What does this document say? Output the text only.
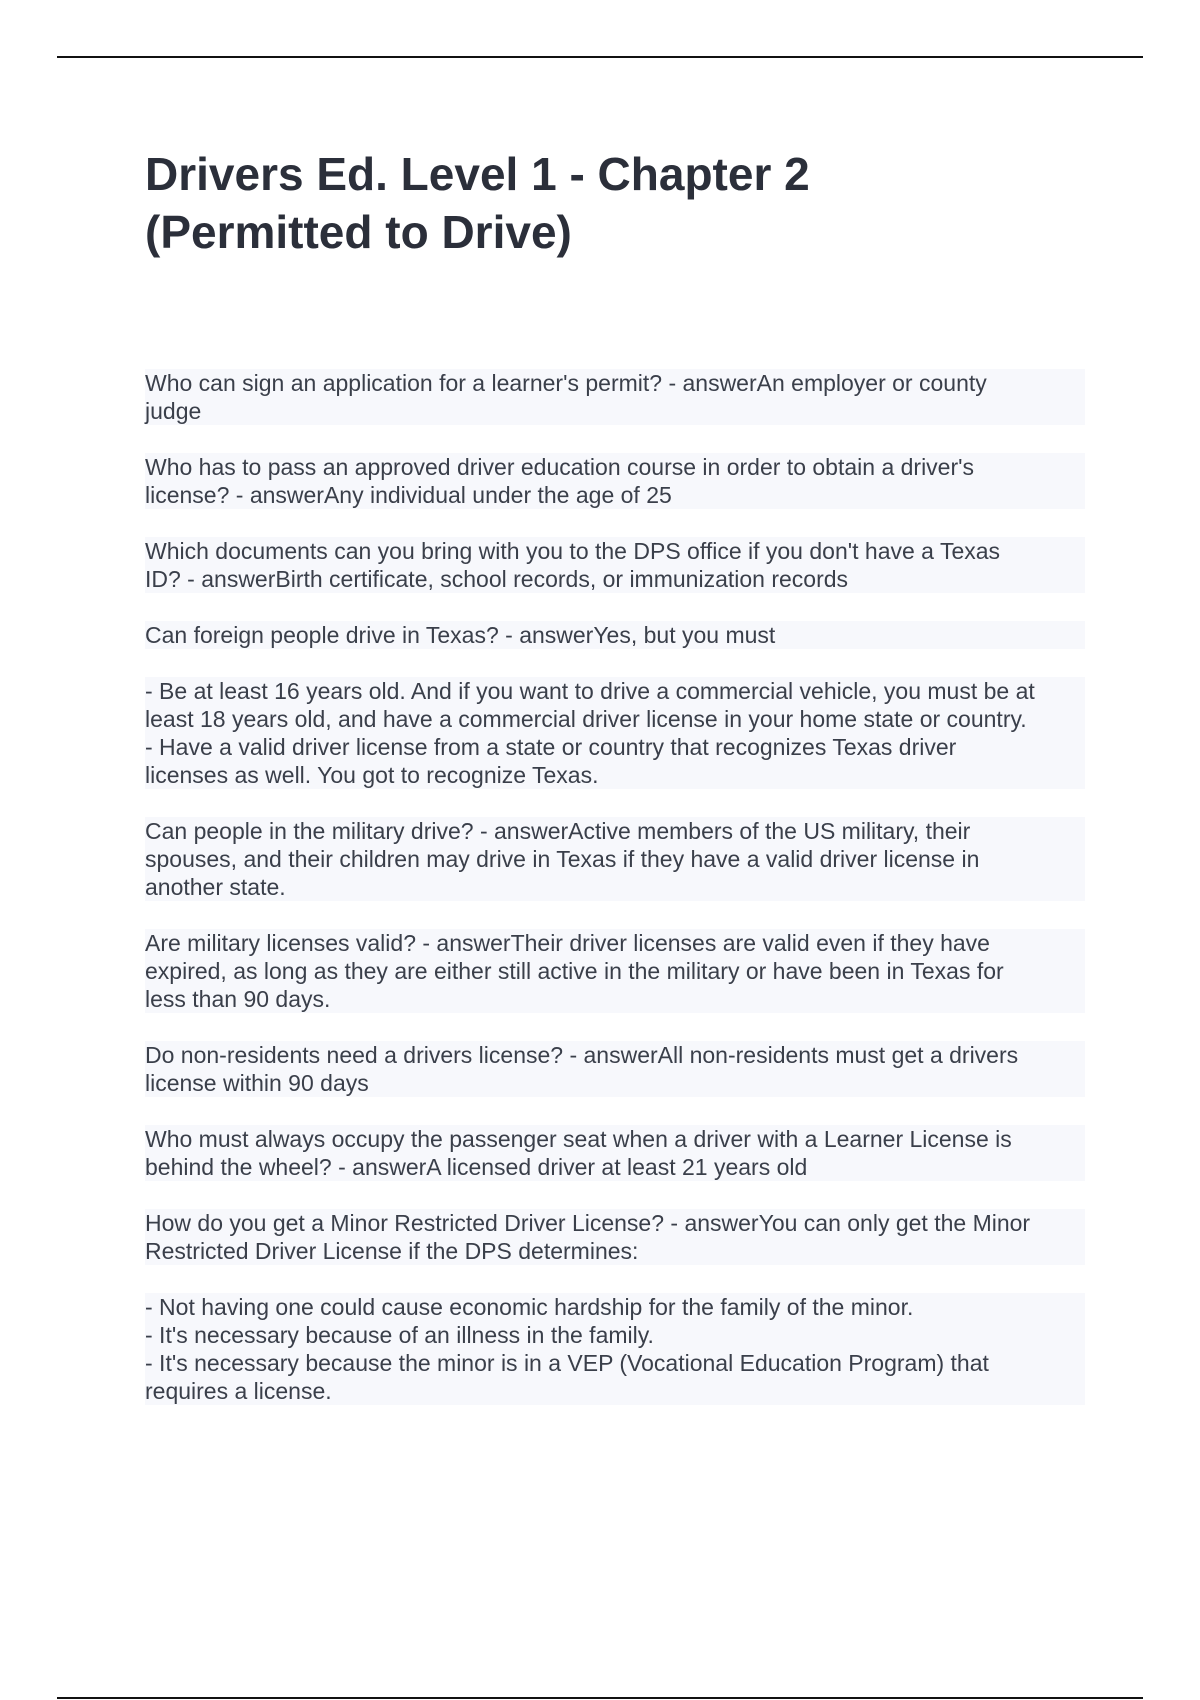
Drivers Ed. Level 1 - Chapter 2
(Permitted to Drive)

Who can sign an application for a learner's permit? - answerAn employer or county
judge

Who has to pass an approved driver education course in order to obtain a driver's
license? - answerAny individual under the age of 25

Which documents can you bring with you to the DPS office if you don't have a Texas
ID? - answerBirth certificate, school records, or immunization records

Can foreign people drive in Texas? - answerYes, but you must

- Be at least 16 years old. And if you want to drive a commercial vehicle, you must be at
least 18 years old, and have a commercial driver license in your home state or country.
- Have a valid driver license from a state or country that recognizes Texas driver
licenses as well. You got to recognize Texas.

Can people in the military drive? - answerActive members of the US military, their
spouses, and their children may drive in Texas if they have a valid driver license in
another state.

Are military licenses valid? - answerTheir driver licenses are valid even if they have
expired, as long as they are either still active in the military or have been in Texas for
less than 90 days.

Do non-residents need a drivers license? - answerAll non-residents must get a drivers
license within 90 days

Who must always occupy the passenger seat when a driver with a Learner License is
behind the wheel? - answerA licensed driver at least 21 years old

How do you get a Minor Restricted Driver License? - answerYou can only get the Minor
Restricted Driver License if the DPS determines:

- Not having one could cause economic hardship for the family of the minor.
- It's necessary because of an illness in the family.
- It's necessary because the minor is in a VEP (Vocational Education Program) that
requires a license.
